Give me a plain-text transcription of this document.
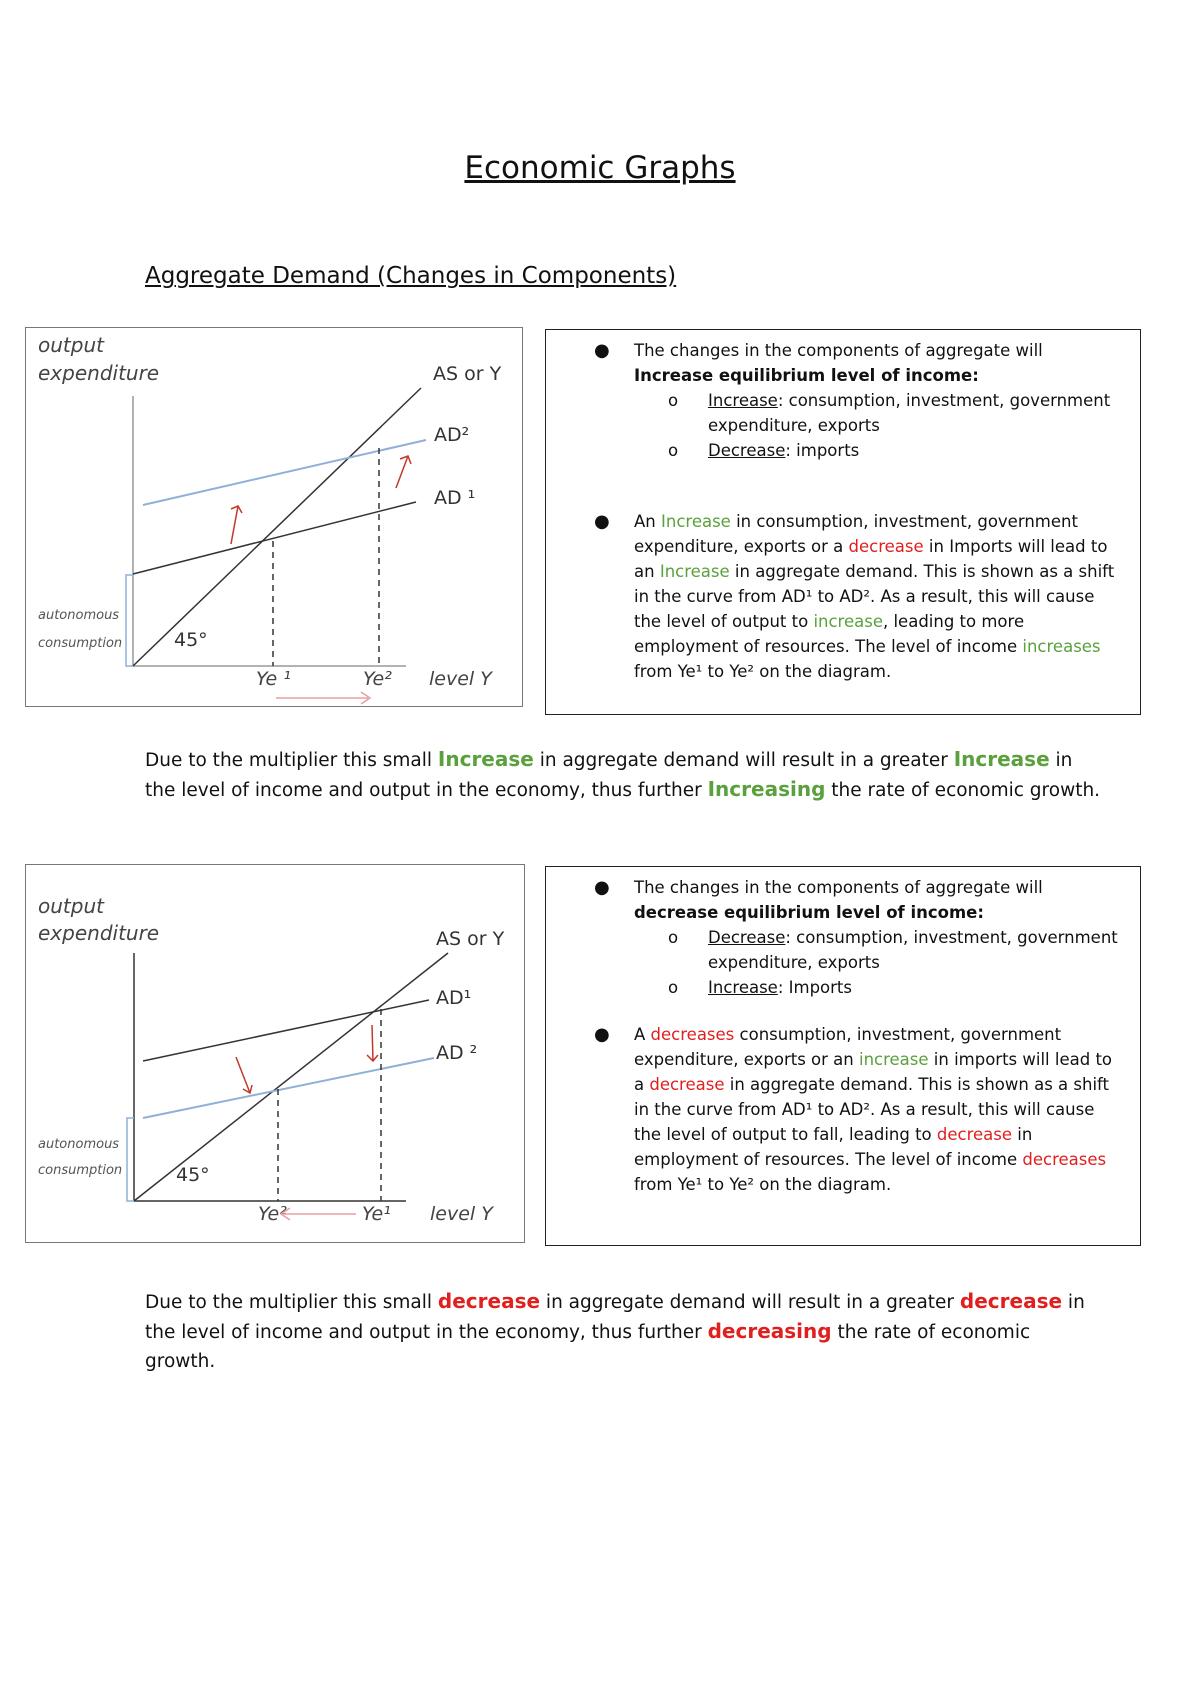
Economic Graphs
Aggregate Demand (Changes in Components)
output
expenditure	AS or Y
AD²
AD ¹
autonomous
consumption	45°
Ye ¹	Ye² level Y
● The changes in the components of aggregate will Increase equilibrium level of income:
o Increase: consumption, investment, government expenditure, exports
o Decrease: imports
● An Increase in consumption, investment, government expenditure, exports or a decrease in Imports will lead to an Increase in aggregate demand. This is shown as a shift in the curve from AD¹ to AD². As a result, this will cause the level of output to increase, leading to more employment of resources. The level of income increases from Ye¹ to Ye² on the diagram.
Due to the multiplier this small Increase in aggregate demand will result in a greater Increase in the level of income and output in the economy, thus further Increasing the rate of economic growth.
output
expenditure	AS or Y
AD¹
AD ²
autonomous
consumption	45°
Ye²	Ye¹ level Y
● The changes in the components of aggregate will decrease equilibrium level of income:
o Decrease: consumption, investment, government expenditure, exports
o Increase: Imports
● A decreases consumption, investment, government expenditure, exports or an increase in imports will lead to a decrease in aggregate demand. This is shown as a shift in the curve from AD¹ to AD². As a result, this will cause the level of output to fall, leading to decrease in employment of resources. The level of income decreases from Ye¹ to Ye² on the diagram.
Due to the multiplier this small decrease in aggregate demand will result in a greater decrease in the level of income and output in the economy, thus further decreasing the rate of economic growth.
